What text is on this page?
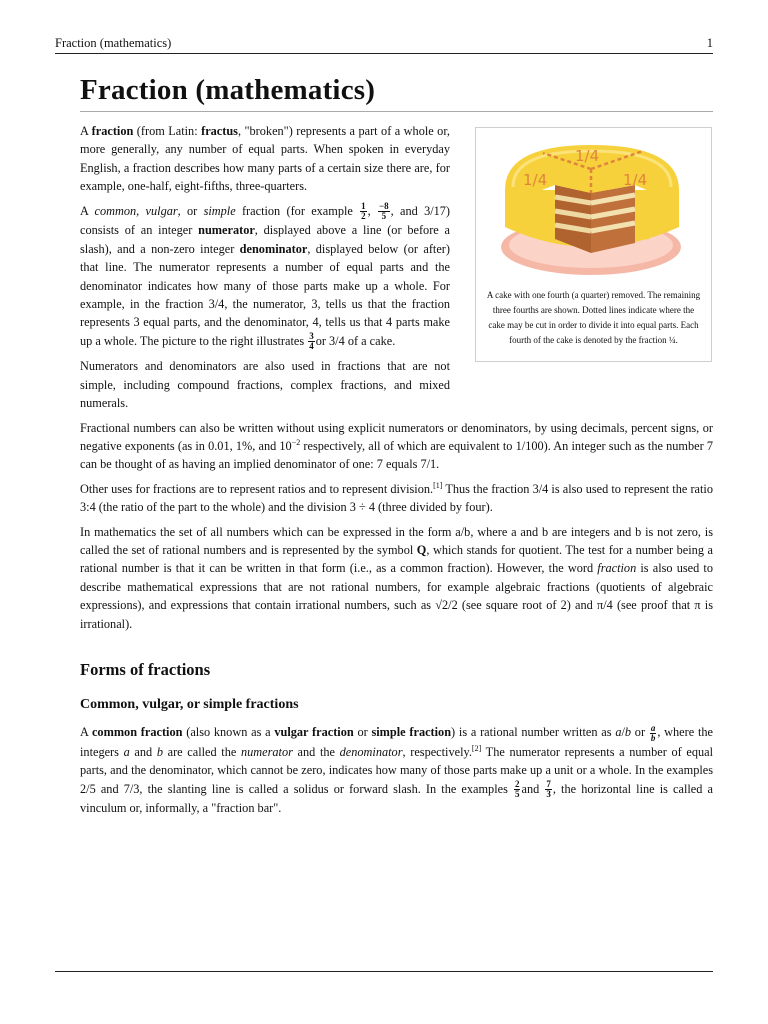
Fraction (mathematics)	1
Fraction (mathematics)

A fraction (from Latin: fractus, "broken") represents a part of a whole or, more generally, any number of equal parts. When spoken in everyday English, a fraction describes how many parts of a certain size there are, for example, one-half, eight-fifths, three-quarters.

A common, vulgar, or simple fraction (for example $\frac{1}{2}$ , $\frac{-8}{5}$ , and 3/17) consists of an integer numerator, displayed above a line (or before a slash), and a non-zero integer denominator, displayed below (or after) that line. The numerator represents a number of equal parts and the denominator indicates how many of those parts make up a whole. For example, in the fraction 3/4, the numerator, 3, tells us that the fraction represents 3 equal parts, and the denominator, 4, tells us that 4 parts make up a whole. The picture to the right illustrates $\frac{3}{4}$ or 3/4 of a cake.

Numerators and denominators are also used in fractions that are not simple, including compound fractions, complex fractions, and mixed numerals.

1/4
1/4
1/4
A cake with one fourth (a quarter) removed. The remaining three fourths are shown. Dotted lines indicate where the cake may be cut in order to divide it into equal parts. Each fourth of the cake is denoted by the fraction ¼.

Fractional numbers can also be written without using explicit numerators or denominators, by using decimals, percent signs, or negative exponents (as in 0.01, 1%, and $10^{-2}$ respectively, all of which are equivalent to 1/100). An integer such as the number 7 can be thought of as having an implied denominator of one: 7 equals 7/1.

Other uses for fractions are to represent ratios and to represent division.[1] Thus the fraction 3/4 is also used to represent the ratio 3:4 (the ratio of the part to the whole) and the division 3 ÷ 4 (three divided by four).

In mathematics the set of all numbers which can be expressed in the form a/b, where a and b are integers and b is not zero, is called the set of rational numbers and is represented by the symbol Q, which stands for quotient. The test for a number being a rational number is that it can be written in that form (i.e., as a common fraction). However, the word fraction is also used to describe mathematical expressions that are not rational numbers, for example algebraic fractions (quotients of algebraic expressions), and expressions that contain irrational numbers, such as √2/2 (see square root of 2) and π/4 (see proof that π is irrational).

Forms of fractions
Common, vulgar, or simple fractions

A common fraction (also known as a vulgar fraction or simple fraction) is a rational number written as a/b or $\frac{a}{b}$ , where the integers a and b are called the numerator and the denominator, respectively.[2] The numerator represents a number of equal parts, and the denominator, which cannot be zero, indicates how many of those parts make up a unit or a whole. In the examples 2/5 and 7/3, the slanting line is called a solidus or forward slash. In the examples $\frac{2}{5}$ and $\frac{7}{3}$ , the horizontal line is called a vinculum or, informally, a "fraction bar".
